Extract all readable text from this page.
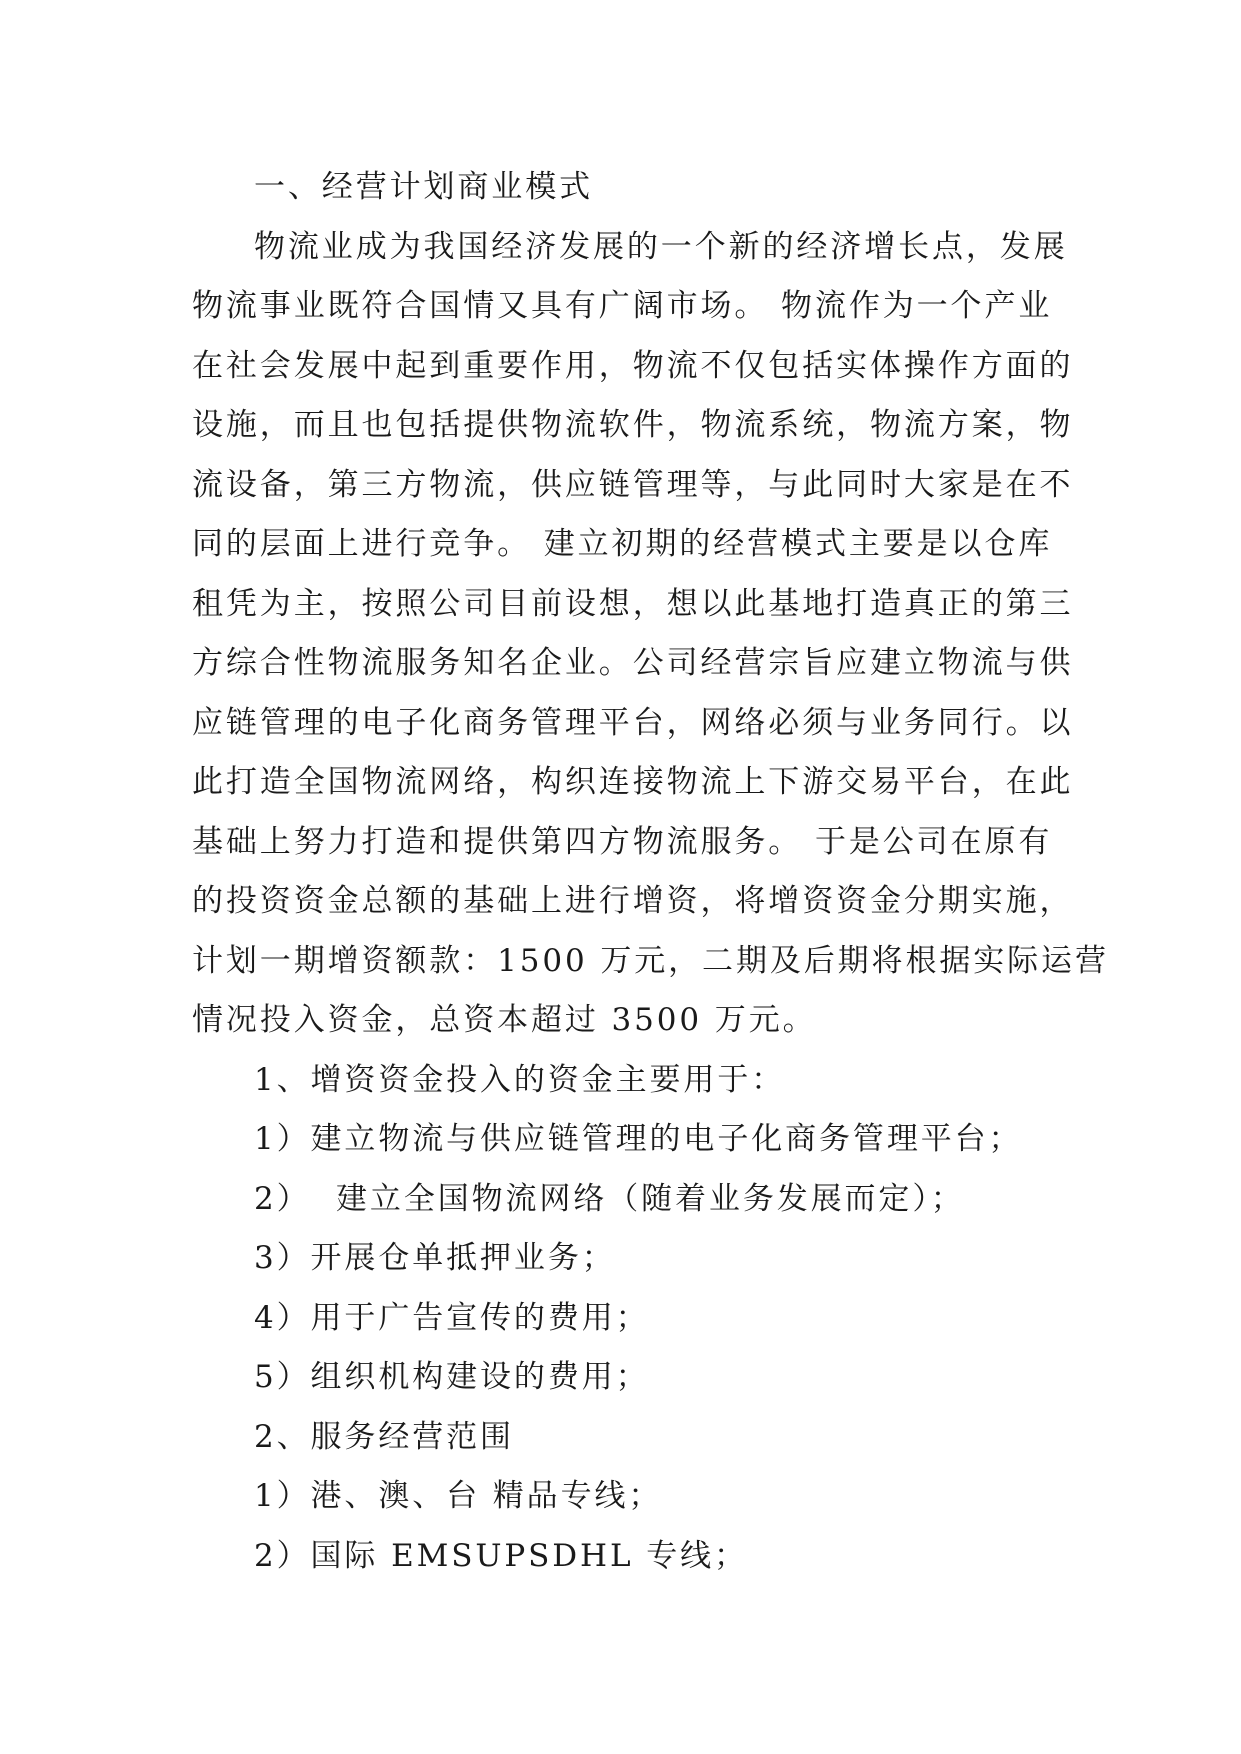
一、经营计划商业模式
物流业成为我国经济发展的一个新的经济增长点，发展
物流事业既符合国情又具有广阔市场。 物流作为一个产业
在社会发展中起到重要作用，物流不仅包括实体操作方面的
设施，而且也包括提供物流软件，物流系统，物流方案，物
流设备，第三方物流，供应链管理等，与此同时大家是在不
同的层面上进行竞争。 建立初期的经营模式主要是以仓库
租凭为主，按照公司目前设想，想以此基地打造真正的第三
方综合性物流服务知名企业。公司经营宗旨应建立物流与供
应链管理的电子化商务管理平台，网络必须与业务同行。以
此打造全国物流网络，构织连接物流上下游交易平台，在此
基础上努力打造和提供第四方物流服务。 于是公司在原有
的投资资金总额的基础上进行增资，将增资资金分期实施，
计划一期增资额款：1500 万元，二期及后期将根据实际运营
情况投入资金，总资本超过 3500 万元。
1、增资资金投入的资金主要用于：
1）建立物流与供应链管理的电子化商务管理平台；
2）  建立全国物流网络（随着业务发展而定）；
3）开展仓单抵押业务；
4）用于广告宣传的费用；
5）组织机构建设的费用；
2、服务经营范围
1）港、澳、台 精品专线；
2）国际 EMSUPSDHL 专线；
